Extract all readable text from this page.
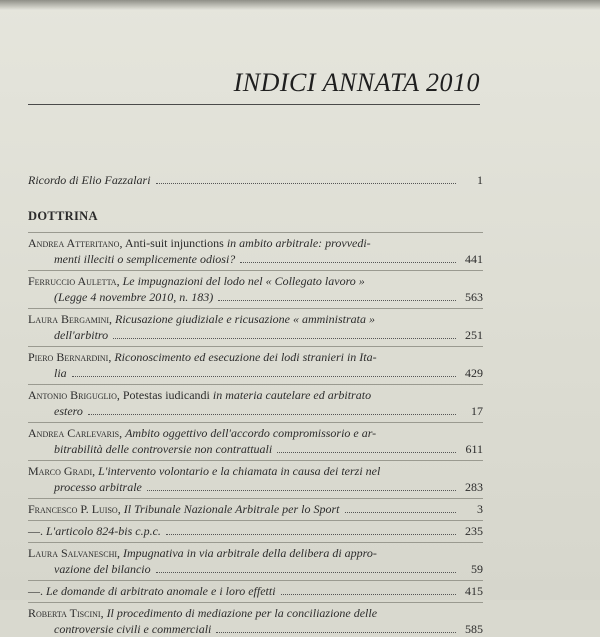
INDICI ANNATA 2010
Ricordo di Elio Fazzalari	1
DOTTRINA
Andrea Atteritano, Anti-suit injunctions in ambito arbitrale: provvedi-
menti illeciti o semplicemente odiosi?	441
Ferruccio Auletta, Le impugnazioni del lodo nel « Collegato lavoro »
(Legge 4 novembre 2010, n. 183)	563
Laura Bergamini, Ricusazione giudiziale e ricusazione « amministrata »
dell'arbitro	251
Piero Bernardini, Riconoscimento ed esecuzione dei lodi stranieri in Ita-
lia	429
Antonio Briguglio, Potestas iudicandi in materia cautelare ed arbitrato
estero	17
Andrea Carlevaris, Ambito oggettivo dell'accordo compromissorio e ar-
bitrabilità delle controversie non contrattuali	611
Marco Gradi, L'intervento volontario e la chiamata in causa dei terzi nel
processo arbitrale	283
Francesco P. Luiso, Il Tribunale Nazionale Arbitrale per lo Sport	3
—. L'articolo 824-bis c.p.c.	235
Laura Salvaneschi, Impugnativa in via arbitrale della delibera di appro-
vazione del bilancio	59
—. Le domande di arbitrato anomale e i loro effetti	415
Roberta Tiscini, Il procedimento di mediazione per la conciliazione delle
controversie civili e commerciali	585
